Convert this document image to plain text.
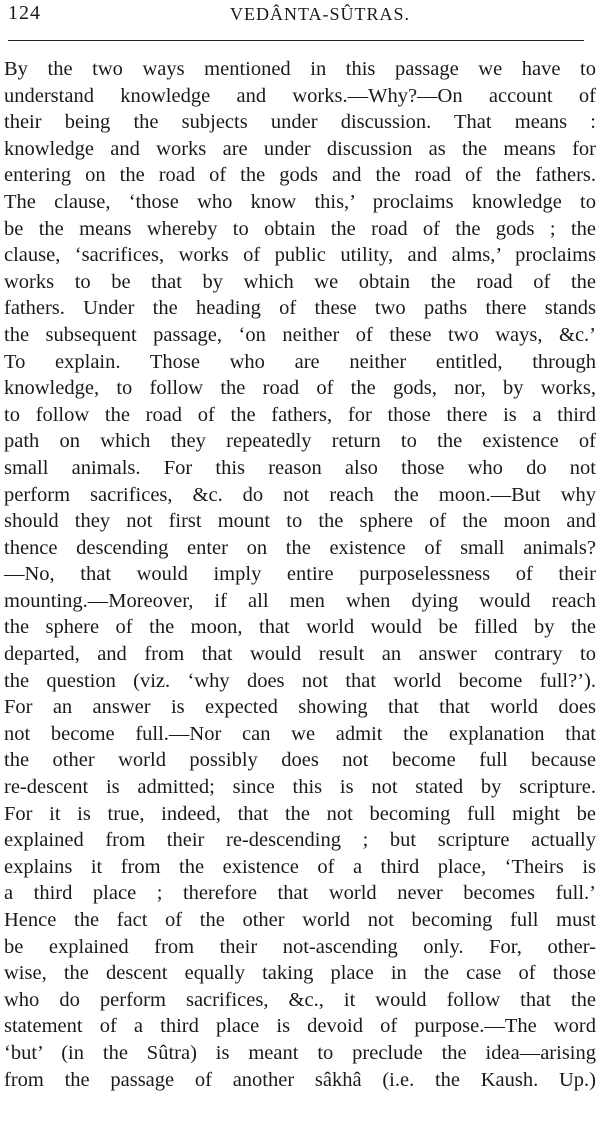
124	VEDÂNTA-SÛTRAS.
By the two ways mentioned in this passage we have to
understand knowledge and works.—Why?—On account of
their being the subjects under discussion. That means :
knowledge and works are under discussion as the means for
entering on the road of the gods and the road of the fathers.
The clause, ‘those who know this,’ proclaims knowledge to
be the means whereby to obtain the road of the gods ; the
clause, ‘sacrifices, works of public utility, and alms,’ proclaims
works to be that by which we obtain the road of the
fathers. Under the heading of these two paths there stands
the subsequent passage, ‘on neither of these two ways, &c.’
To explain. Those who are neither entitled, through
knowledge, to follow the road of the gods, nor, by works,
to follow the road of the fathers, for those there is a third
path on which they repeatedly return to the existence of
small animals. For this reason also those who do not
perform sacrifices, &c. do not reach the moon.—But why
should they not first mount to the sphere of the moon and
thence descending enter on the existence of small animals?
—No, that would imply entire purposelessness of their
mounting.—Moreover, if all men when dying would reach
the sphere of the moon, that world would be filled by the
departed, and from that would result an answer contrary to
the question (viz. ‘why does not that world become full?’).
For an answer is expected showing that that world does
not become full.—Nor can we admit the explanation that
the other world possibly does not become full because
re-descent is admitted; since this is not stated by scripture.
For it is true, indeed, that the not becoming full might be
explained from their re-descending ; but scripture actually
explains it from the existence of a third place, ‘Theirs is
a third place ; therefore that world never becomes full.’
Hence the fact of the other world not becoming full must
be explained from their not-ascending only. For, other-
wise, the descent equally taking place in the case of those
who do perform sacrifices, &c., it would follow that the
statement of a third place is devoid of purpose.—The word
‘but’ (in the Sûtra) is meant to preclude the idea—arising
from the passage of another sâkhâ (i.e. the Kaush. Up.)
